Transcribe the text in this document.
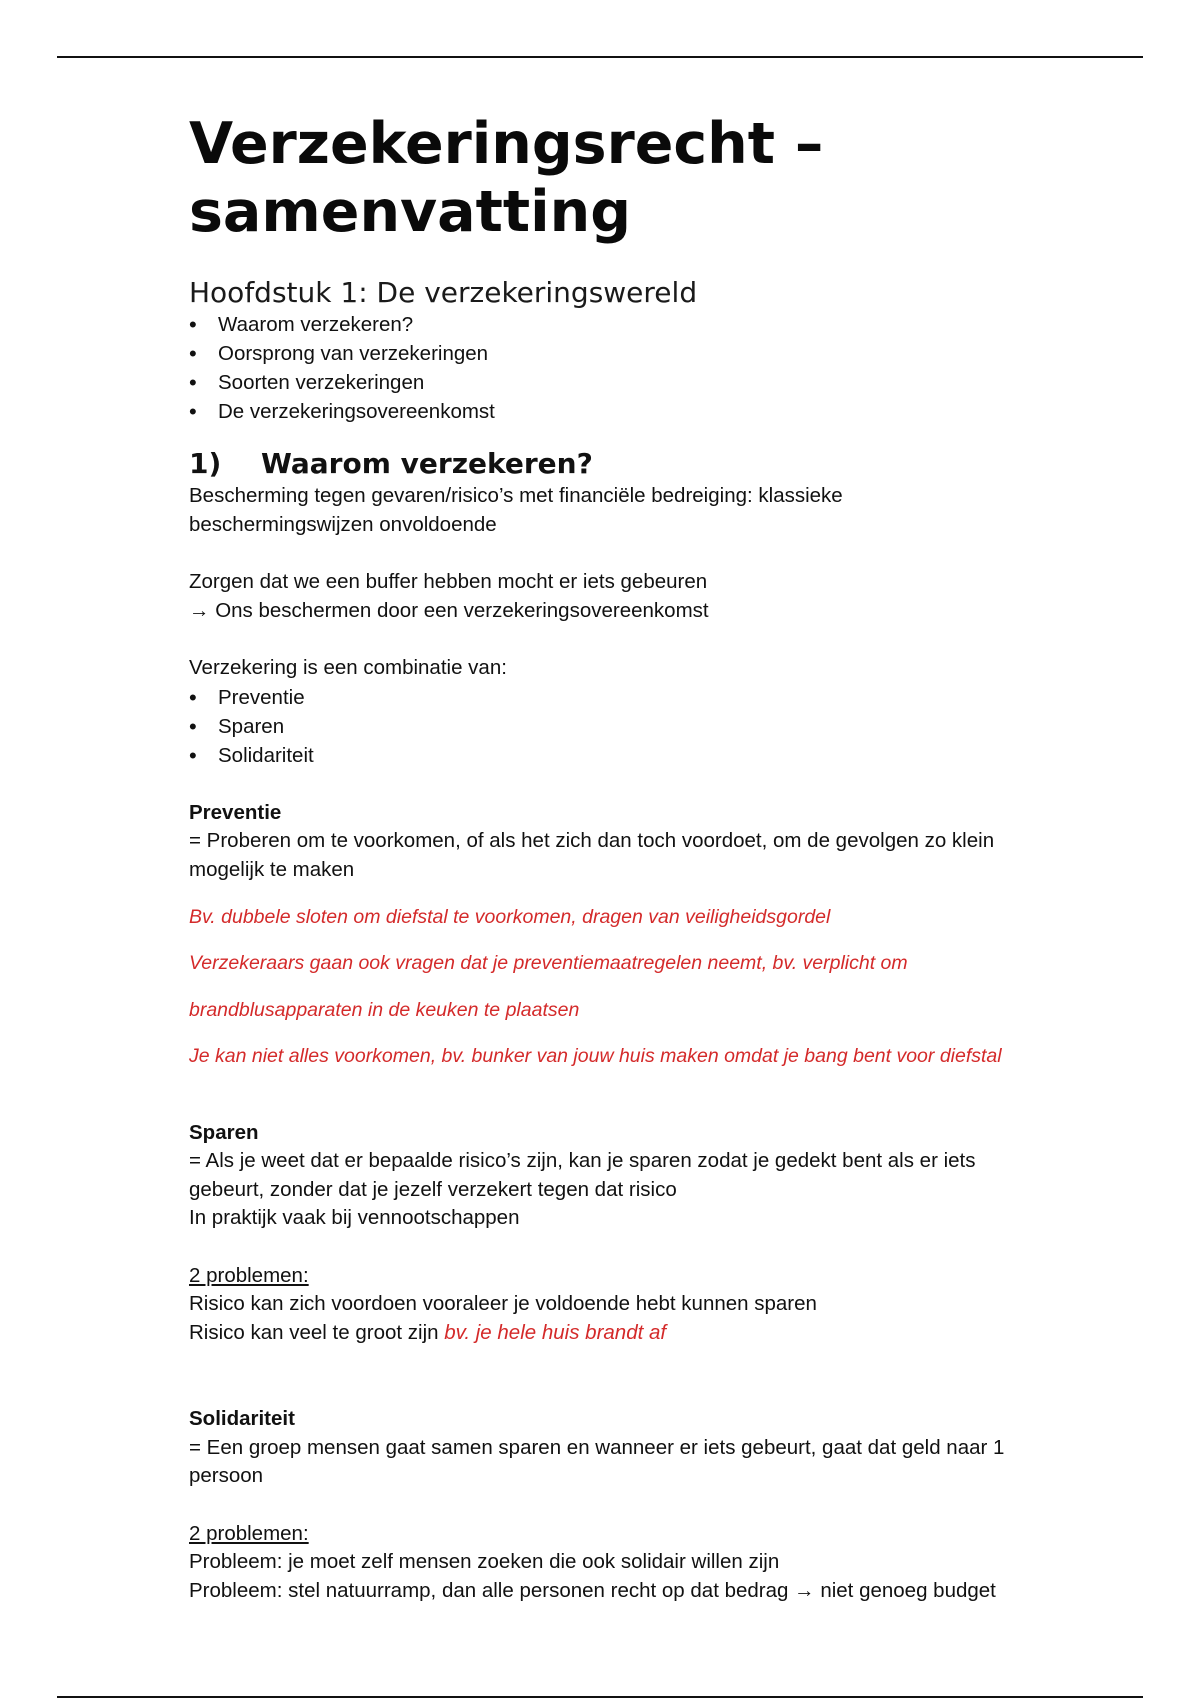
Verzekeringsrecht –
samenvatting
Hoofdstuk 1: De verzekeringswereld
• Waarom verzekeren?
• Oorsprong van verzekeringen
• Soorten verzekeringen
• De verzekeringsovereenkomst
1)	Waarom verzekeren?

Bescherming tegen gevaren/risico’s met financiële bedreiging: klassieke

beschermingswijzen onvoldoende

Zorgen dat we een buffer hebben mocht er iets gebeuren

→ Ons beschermen door een verzekeringsovereenkomst

Verzekering is een combinatie van:

• Preventie
• Sparen
• Solidariteit

Preventie

= Proberen om te voorkomen, of als het zich dan toch voordoet, om de gevolgen zo klein

mogelijk te maken

Bv. dubbele sloten om diefstal te voorkomen, dragen van veiligheidsgordel

Verzekeraars gaan ook vragen dat je preventiemaatregelen neemt, bv. verplicht om

brandblusapparaten in de keuken te plaatsen

Je kan niet alles voorkomen, bv. bunker van jouw huis maken omdat je bang bent voor diefstal

Sparen

= Als je weet dat er bepaalde risico’s zijn, kan je sparen zodat je gedekt bent als er iets

gebeurt, zonder dat je jezelf verzekert tegen dat risico

In praktijk vaak bij vennootschappen

2 problemen:

Risico kan zich voordoen vooraleer je voldoende hebt kunnen sparen

Risico kan veel te groot zijn bv. je hele huis brandt af

Solidariteit

= Een groep mensen gaat samen sparen en wanneer er iets gebeurt, gaat dat geld naar 1

persoon

2 problemen:

Probleem: je moet zelf mensen zoeken die ook solidair willen zijn

Probleem: stel natuurramp, dan alle personen recht op dat bedrag → niet genoeg budget
